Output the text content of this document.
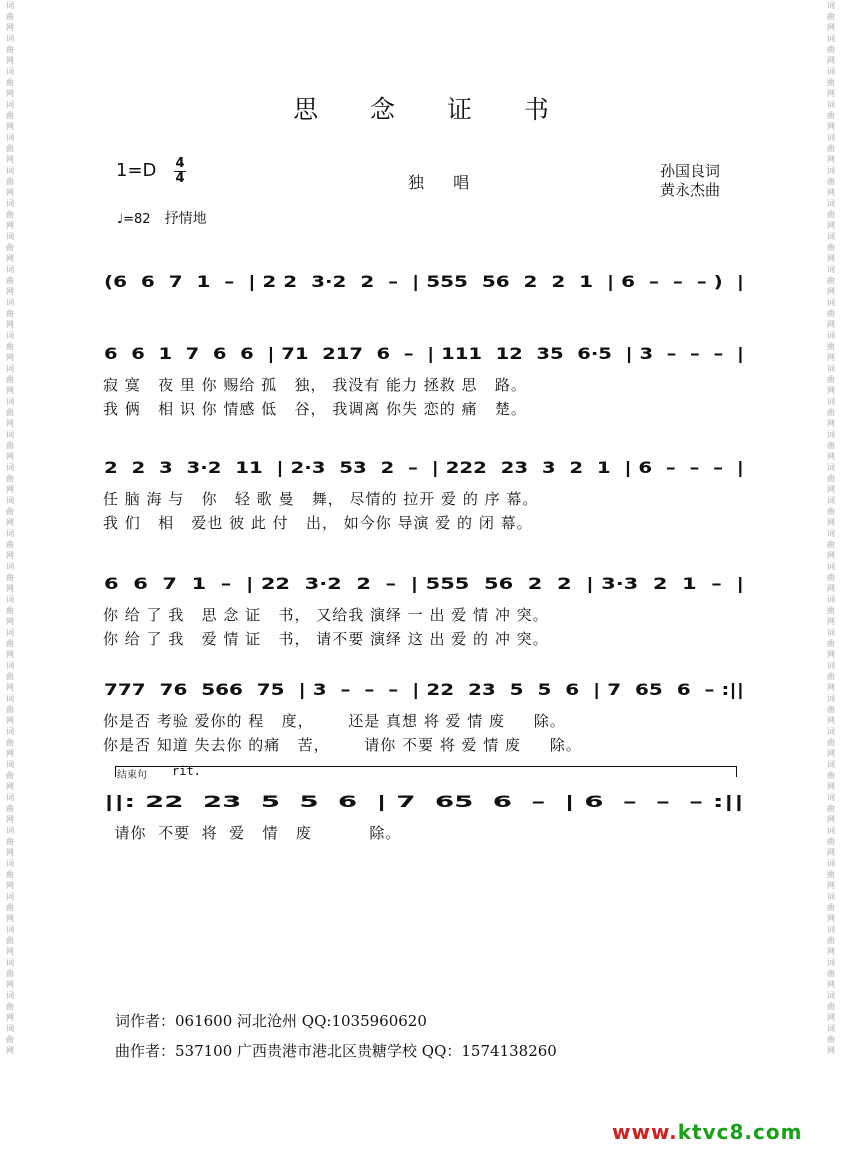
词
曲
网
词
曲
网
词
曲
网
词
曲
网
词
曲
网
词
曲
网
词
曲
网
词
曲
网
词
曲
网
词
曲
网
词
曲
网
词
曲
网
词
曲
网
词
曲
网
词
曲
网
词
曲
网
词
曲
网
词
曲
网
词
曲
网
词
曲
网
词
曲
网
词
曲
网
词
曲
网
词
曲
网
词
曲
网
词
曲
网
词
曲
网
词
曲
网
词
曲
网
词
曲
网
词
曲
网
词
曲
网
词
曲
网
词
曲
网
词
曲
网
词
曲
网
词
曲
网
词
曲
网
词
曲
网
词
曲
网
词
曲
网
词
曲
网
词
曲
网
词
曲
网
词
曲
网
词
曲
网
词
曲
网
词
曲
网
词
曲
网
词
曲
网
词
曲
网
词
曲
网
词
曲
网
词
曲
网
词
曲
网
词
曲
网
词
曲
网
词
曲
网
词
曲
网
词
曲
网
词
曲
网
词
曲
网
词
曲
网
词
曲
网
思 念 证 书
1=D 4
4	独 唱
孙国良词
黄永杰曲
♩=82 抒情地
(6  6  7  1  –  | 2 2  3·2  2  –  | 555  56  2  2  1  | 6  –  –  – )  |
6  6  1  7  6  6  | 71  217  6  –  | 111  12  35  6·5  | 3  –  –  –  |
寂 寞   夜 里 你 赐给 孤   独， 我没有 能力 拯救 思   路。
我 俩   相 识 你 情感 低   谷， 我调离 你失 恋的 痛   楚。
2  2  3  3·2  11  | 2·3  53  2  –  | 222  23  3  2  1  | 6  –  –  –  |
任 脑 海 与   你   轻 歌 曼   舞， 尽情的 拉开 爱 的 序 幕。
我 们   相   爱也 彼 此 付   出， 如今你 导演 爱 的 闭 幕。
6  6  7  1  –  | 22  3·2  2  –  | 555  56  2  2  | 3·3  2  1  –  |
你 给 了 我   思 念 证   书， 又给我 演绎 一 出 爱 情 冲 突。
你 给 了 我   爱 情 证   书， 请不要 演绎 这 出 爱 的 冲 突。
777  76  566  75  | 3  –  –  –  | 22  23  5  5  6  | 7  65  6  – :||
你是否 考验 爱你的 程   度，      还是 真想 将 爱 情 废     除。
你是否 知道 失去你 的痛   苦，      请你 不要 将 爱 情 废     除。
||: 22  23  5  5  6  | 7  65  6  –  | 6  –  –  – :||
请你  不要  将  爱   情   废          除。
结束句 rit.
词作者：061600 河北沧州 QQ:1035960620
曲作者：537100 广西贵港市港北区贵糖学校 QQ：1574138260
www.ktvc8.com
